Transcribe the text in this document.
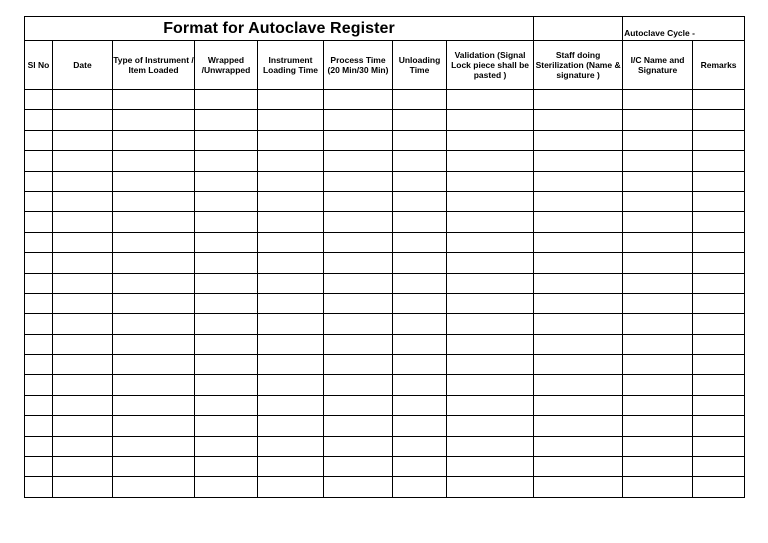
Format for Autoclave Register									Autoclave Cycle -	
Sl No	Date	Type of Instrument / Item Loaded	Wrapped /Unwrapped	Instrument Loading Time	Process Time (20 Min/30 Min)	Unloading Time	Validation (Signal Lock piece shall be pasted )	Staff doing Sterilization (Name & signature )	I/C Name and Signature	Remarks
